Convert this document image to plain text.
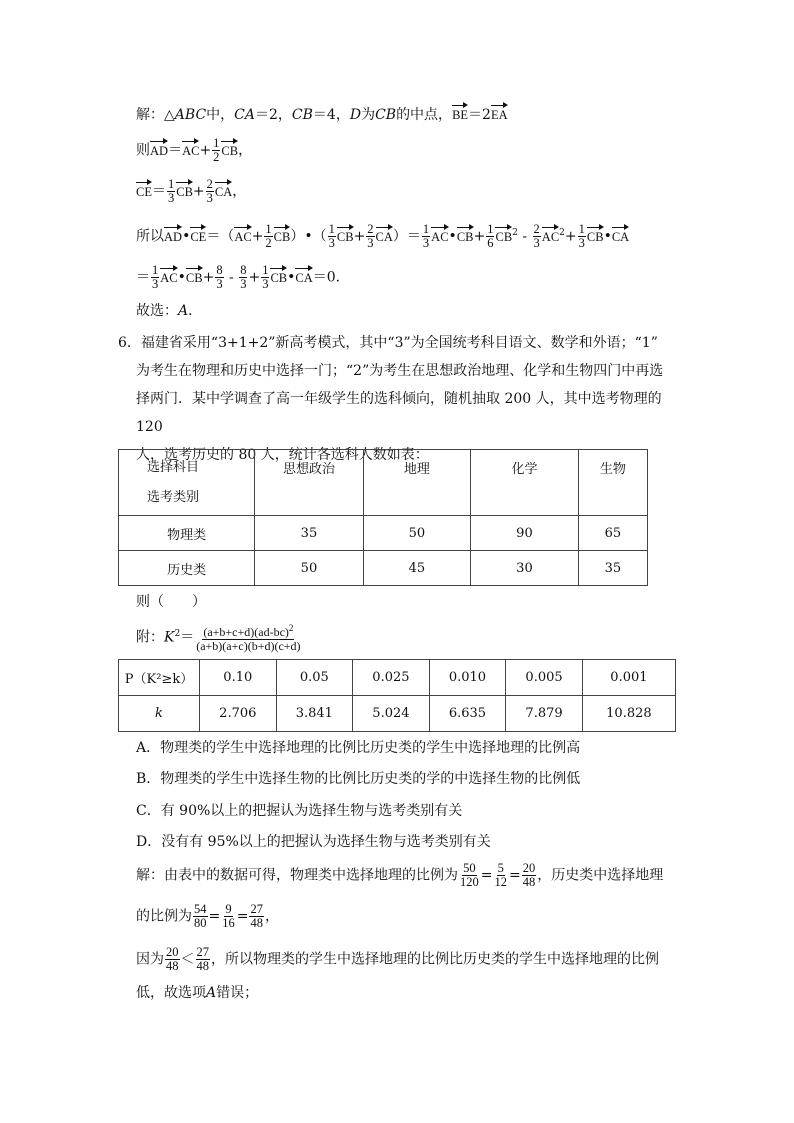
解：△ABC中，CA＝2，CB＝4，D为CB的中点，BE＝2EA
则$AD=AC+ \frac{1}{2}$ CB，
$CE= \frac{1}{3} CB+ \frac{2}{3}$ CA，
所以AD•CE＝（AC+ $\frac{1}{2}$ CB）•（ $\frac{1}{3} CB+ \frac{2}{3} CA)= \frac{1}{3}$ AC•CB+ $\frac{1}{6} CB^2 - \frac{2}{3} AC^2+ \frac{1}{3}$ CB•CA
＝ $\frac{1}{3}$ AC•CB+ $\frac{8}{3} - \frac{8}{3} + \frac{1}{3}$ CB•CA＝0．
故选：A．

6．福建省采用“3+1+2”新高考模式，其中“3”为全国统考科目语文、数学和外语；“1”

为考生在物理和历史中选择一门；“2”为考生在思想政治地理、化学和生物四门中再选

择两门．某中学调查了高一年级学生的选科倾向，随机抽取 200 人，其中选考物理的 120

人，选考历史的 80 人，统计各选科人数如表：

选择科目
选考类别	思想政治	地理	化学	生物
物理类	35	50	90	65
历史类	50	45	30	35
则（　　）
附：$K^2= \frac{(a+b+c+d)(ad-bc)^2}{(a+b)(a+c)(b+d)(c+d)}$
P（K²≥k）	0.10	0.05	0.025	0.010	0.005	0.001
k	2.706	3.841	5.024	6.635	7.879	10.828
A．物理类的学生中选择地理的比例比历史类的学生中选择地理的比例高
B．物理类的学生中选择生物的比例比历史类的学的中选择生物的比例低
C．有 90%以上的把握认为选择生物与选考类别有关
D．没有有 95%以上的把握认为选择生物与选考类别有关
解：由表中的数据可得，物理类中选择地理的比例为 $\frac{50}{120} = \frac{5}{12} = \frac{20}{48}$ ，历史类中选择地理
的比例为 $\frac{54}{80} = \frac{9}{16} = \frac{27}{48}$ ，
因为 $\frac{20}{48} < \frac{27}{48}$ ，所以物理类的学生中选择地理的比例比历史类的学生中选择地理的比例
低，故选项A错误；
